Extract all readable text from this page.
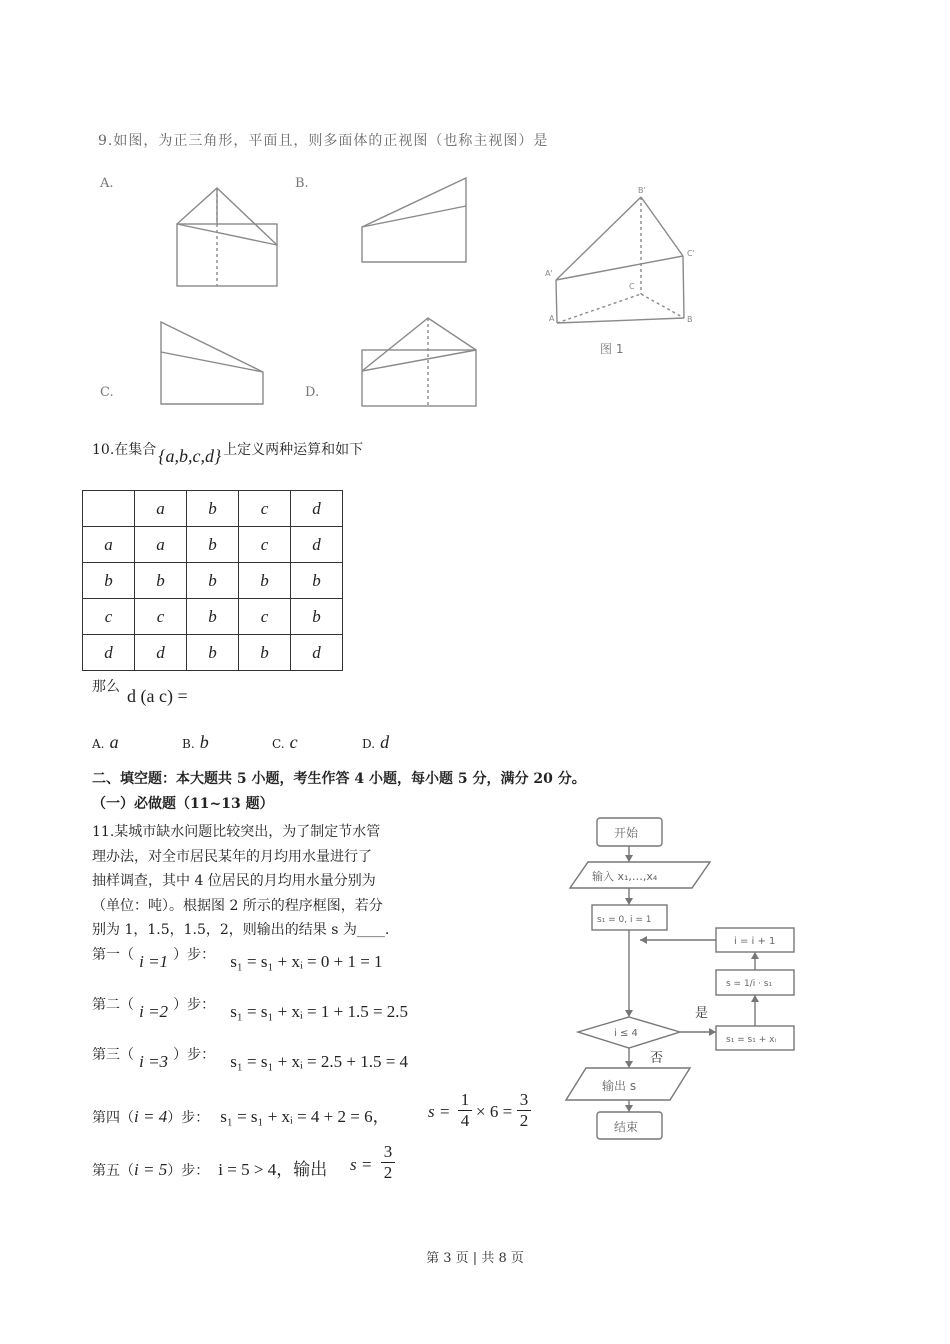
9.如图，为正三角形，平面且，则多面体的正视图（也称主视图）是
A.	B.
C.	D.
A'
A
B'
C
C'
B
图 1
10.在集合 {a,b,c,d} 上定义两种运算和如下
	a	b	c	d
a	a	b	c	d
b	b	b	b	b
c	c	b	c	b
d	d	b	b	d
那么 d (a c) =
A. a	B. b	C. c	D. d
二、填空题：本大题共 5 小题，考生作答 4 小题，每小题 5 分，满分 20 分。
（一）必做题（11~13 题）
11.某城市缺水问题比较突出，为了制定节水管
理办法，对全市居民某年的月均用水量进行了
抽样调查，其中 4 位居民的月均用水量分别为
（单位：吨）。根据图 2 所示的程序框图，若分
别为 1，1.5，1.5，2，则输出的结果 s 为____.
第一（ i =1 ）步： s₁ = s₁ + xᵢ = 0 + 1 = 1
第二（ i =2 ）步： s₁ = s₁ + xᵢ = 1 + 1.5 = 2.5
第三（ i =3 ）步： s₁ = s₁ + xᵢ = 2.5 + 1.5 = 4
第四（i = 4）步： s₁ = s₁ + xᵢ = 4 + 2 = 6， s =
1
4 × 6 =
3
2
第五（i = 5）步： i = 5 > 4，输出 s =
3
2
开始
输入 x₁,…,x₄
s₁ = 0, i = 1
i ≤ 4
s₁ = s₁ + xᵢ
s = 1/i · s₁
i = i + 1
是
否
输出 s
结束
第 3 页 | 共 8 页
